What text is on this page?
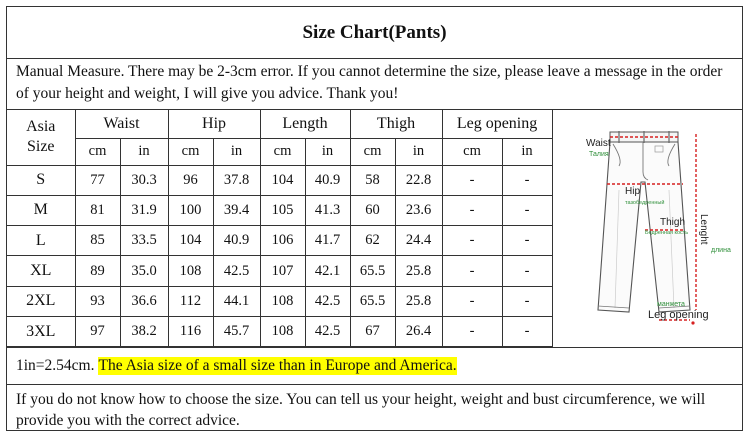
Size Chart(Pants)
Manual Measure. There may be 2-3cm error. If you cannot determine the size, please leave a message in the order of your height and weight, I will give you advice. Thank you!
Asia
Size	Waist		Hip		Length		Thigh		Leg opening	
	cm	in	cm	in	cm	in	cm	in	cm	in
S	77	30.3	96	37.8	104	40.9	58	22.8	-	-
M	81	31.9	100	39.4	105	41.3	60	23.6	-	-
L	85	33.5	104	40.9	106	41.7	62	24.4	-	-
XL	89	35.0	108	42.5	107	42.1	65.5	25.8	-	-
2XL	93	36.6	112	44.1	108	42.5	65.5	25.8	-	-
3XL	97	38.2	116	45.7	108	42.5	67	26.4	-	-
Waist
Талия
Hip
тазобедренный
Thigh
Бедренная кость Lenght
длина
манжета
Leg opening
1in=2.54cm. The Asia size of a small size than in Europe and America.
If you do not know how to choose the size. You can tell us your height, weight and bust circumference, we will provide you with the correct advice.
